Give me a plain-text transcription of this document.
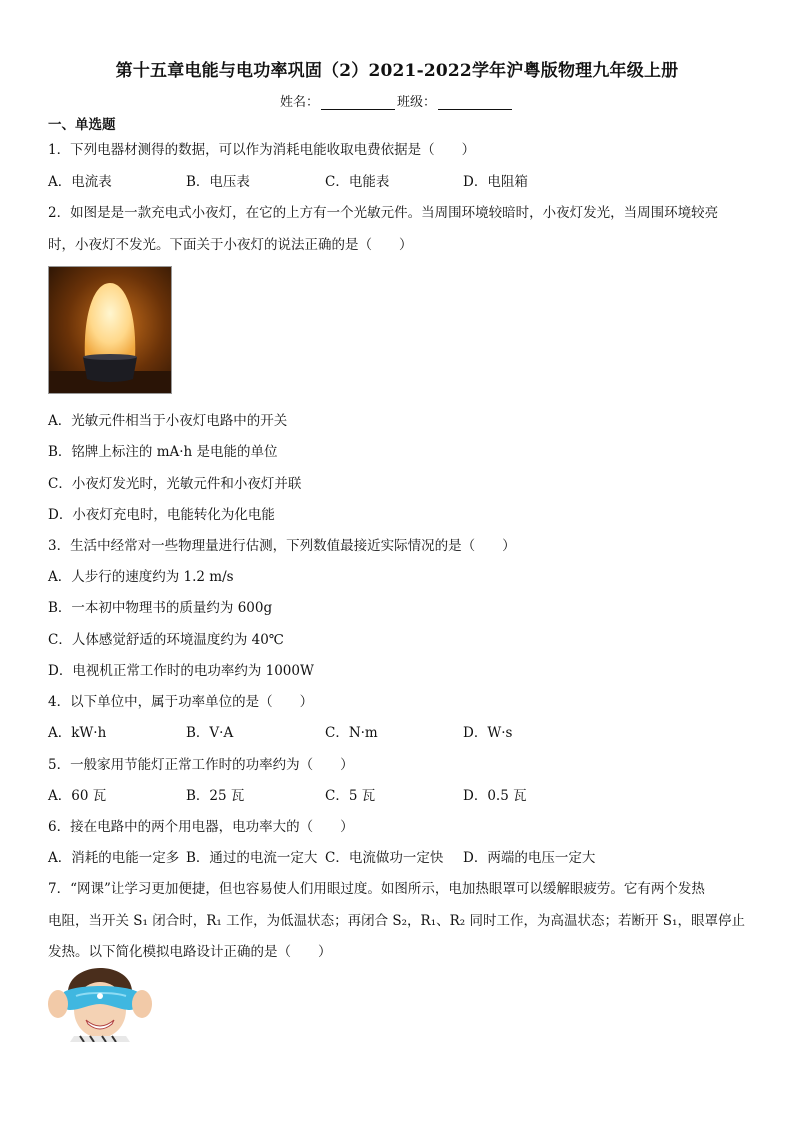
第十五章电能与电功率巩固（2）2021-2022学年沪粤版物理九年级上册
姓名：	班级：
一、单选题
1．下列电器材测得的数据，可以作为消耗电能收取电费依据是（　　）
A．电流表	B．电压表	C．电能表	D．电阻箱
2．如图是是一款充电式小夜灯，在它的上方有一个光敏元件。当周围环境较暗时，小夜灯发光，当周围环境较亮
时，小夜灯不发光。下面关于小夜灯的说法正确的是（　　）
A．光敏元件相当于小夜灯电路中的开关
B．铭牌上标注的 mA·h 是电能的单位
C．小夜灯发光时，光敏元件和小夜灯并联
D．小夜灯充电时，电能转化为化电能
3．生活中经常对一些物理量进行估测，下列数值最接近实际情况的是（　　）
A．人步行的速度约为 1.2 m/s
B．一本初中物理书的质量约为 600g
C．人体感觉舒适的环境温度约为 40℃
D．电视机正常工作时的电功率约为 1000W
4．以下单位中，属于功率单位的是（　　）
A．kW·h	B．V·A	C．N·m	D．W·s
5．一般家用节能灯正常工作时的功率约为（　　）
A．60 瓦	B．25 瓦	C．5 瓦	D．0.5 瓦
6．接在电路中的两个用电器，电功率大的（　　）
A．消耗的电能一定多 B．通过的电流一定大 C．电流做功一定快 D．两端的电压一定大
7．“网课”让学习更加便捷，但也容易使人们用眼过度。如图所示，电加热眼罩可以缓解眼疲劳。它有两个发热
电阻，当开关 S₁ 闭合时，R₁ 工作，为低温状态；再闭合 S₂，R₁、R₂ 同时工作，为高温状态；若断开 S₁，眼罩停止
发热。以下简化模拟电路设计正确的是（　　）
